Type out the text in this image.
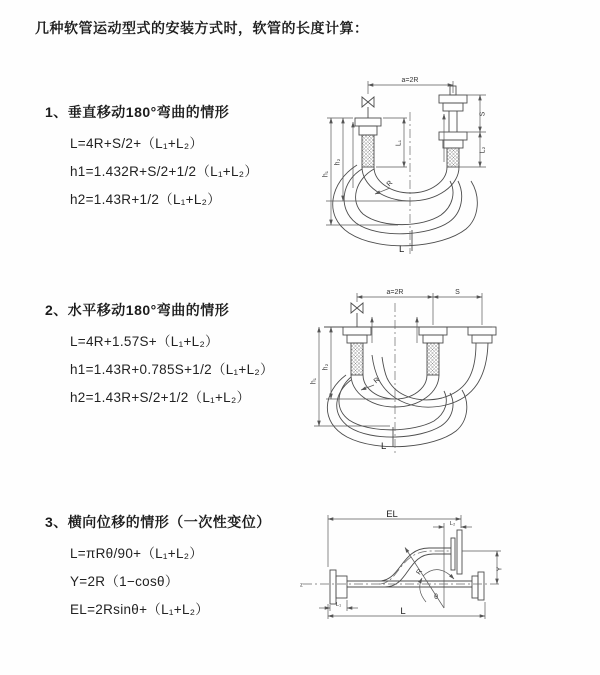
几种软管运动型式的安装方式时，软管的长度计算：
1、垂直移动180°弯曲的情形
L=4R+S/2+（L₁+L₂）
h1=1.432R+S/2+1/2（L₁+L₂）
h2=1.43R+1/2（L₁+L₂）
2、水平移动180°弯曲的情形
L=4R+1.57S+（L₁+L₂）
h1=1.43R+0.785S+1/2（L₁+L₂）
h2=1.43R+S/2+1/2（L₁+L₂）
3、横向位移的情形（一次性变位）
L=πRθ/90+（L₁+L₂）
Y=2R（1−cosθ）
EL=2Rsinθ+（L₁+L₂）
a=2R
S
L₂
L₁
h₂
h₁
R
L
a=2R	S
h₂
h₁	R
L
EL
L₂
z
Y
L₁
L
R
θ
